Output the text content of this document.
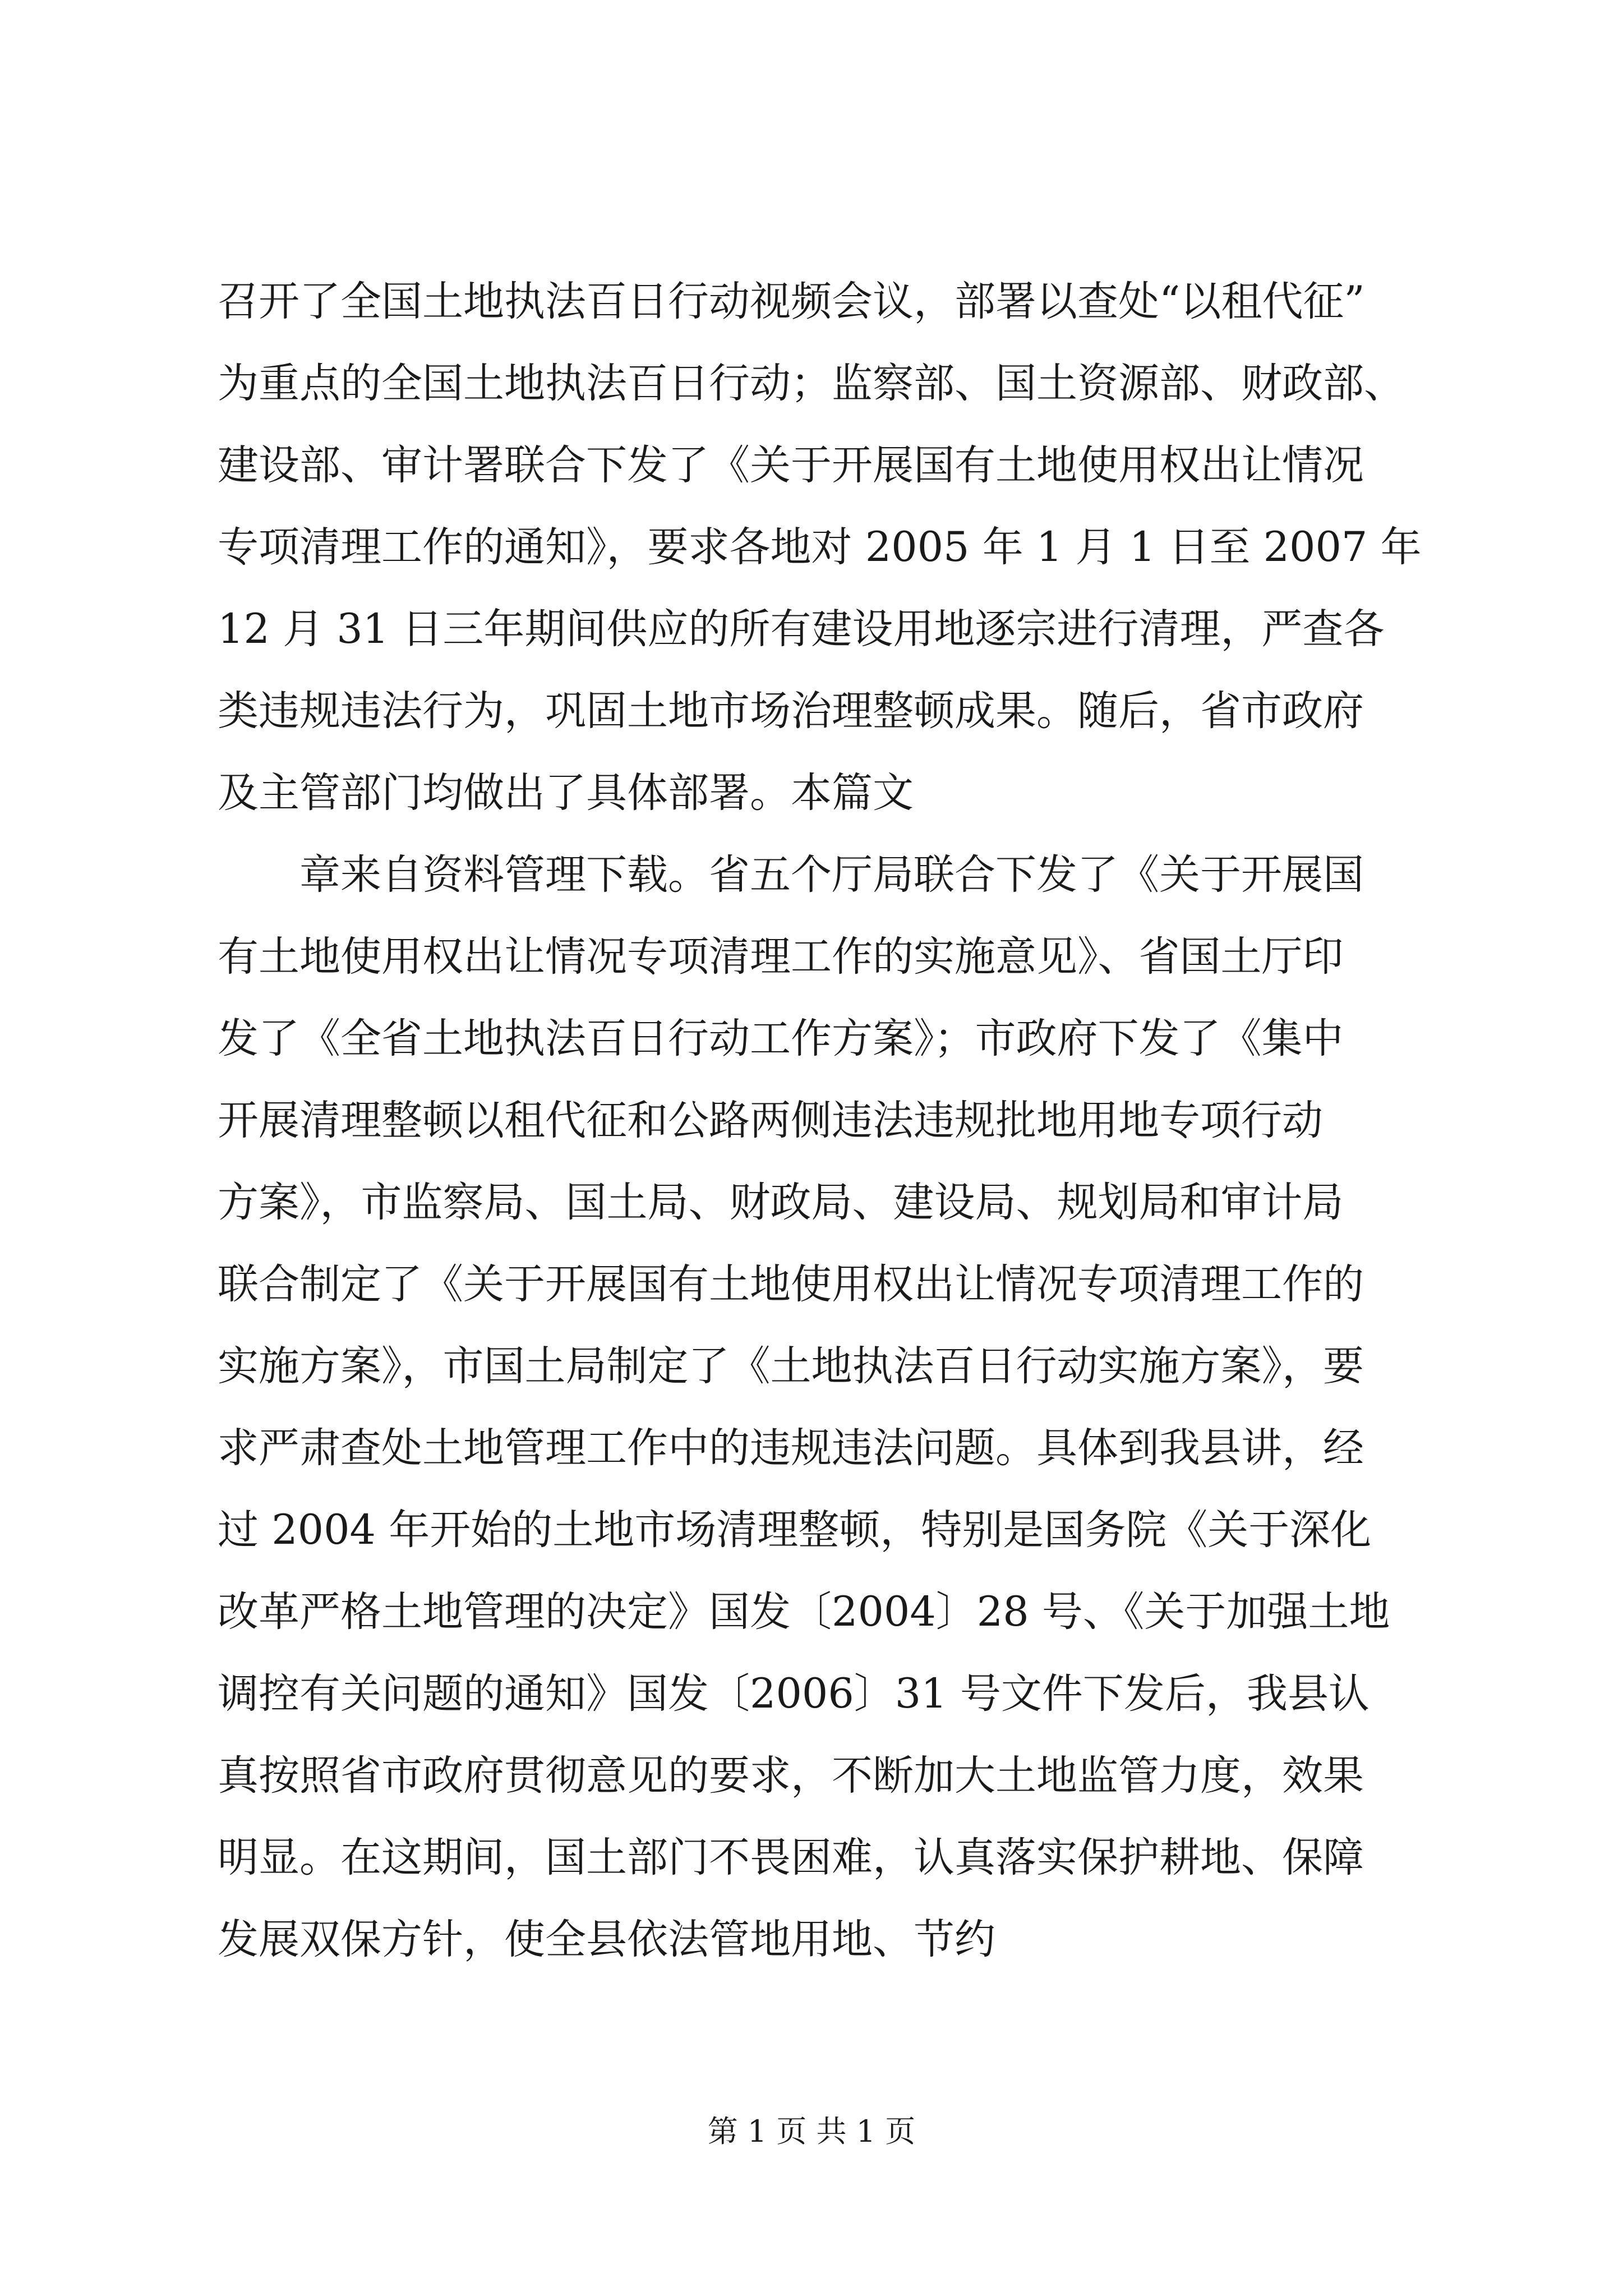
召开了全国土地执法百日行动视频会议，部署以查处“以租代征”
为重点的全国土地执法百日行动；监察部、国土资源部、财政部、
建设部、审计署联合下发了《关于开展国有土地使用权出让情况
专项清理工作的通知》，要求各地对 2005 年 1 月 1 日至 2007 年
12 月 31 日三年期间供应的所有建设用地逐宗进行清理，严查各
类违规违法行为，巩固土地市场治理整顿成果。随后，省市政府
及主管部门均做出了具体部署。本篇文
　　章来自资料管理下载。省五个厅局联合下发了《关于开展国
有土地使用权出让情况专项清理工作的实施意见》、省国土厅印
发了《全省土地执法百日行动工作方案》；市政府下发了《集中
开展清理整顿以租代征和公路两侧违法违规批地用地专项行动
方案》，市监察局、国土局、财政局、建设局、规划局和审计局
联合制定了《关于开展国有土地使用权出让情况专项清理工作的
实施方案》，市国土局制定了《土地执法百日行动实施方案》，要
求严肃查处土地管理工作中的违规违法问题。具体到我县讲，经
过 2004 年开始的土地市场清理整顿，特别是国务院《关于深化
改革严格土地管理的决定》国发〔2004〕28 号、《关于加强土地
调控有关问题的通知》国发〔2006〕31 号文件下发后，我县认
真按照省市政府贯彻意见的要求，不断加大土地监管力度，效果
明显。在这期间，国土部门不畏困难，认真落实保护耕地、保障
发展双保方针，使全县依法管地用地、节约
第 1 页 共 1 页
